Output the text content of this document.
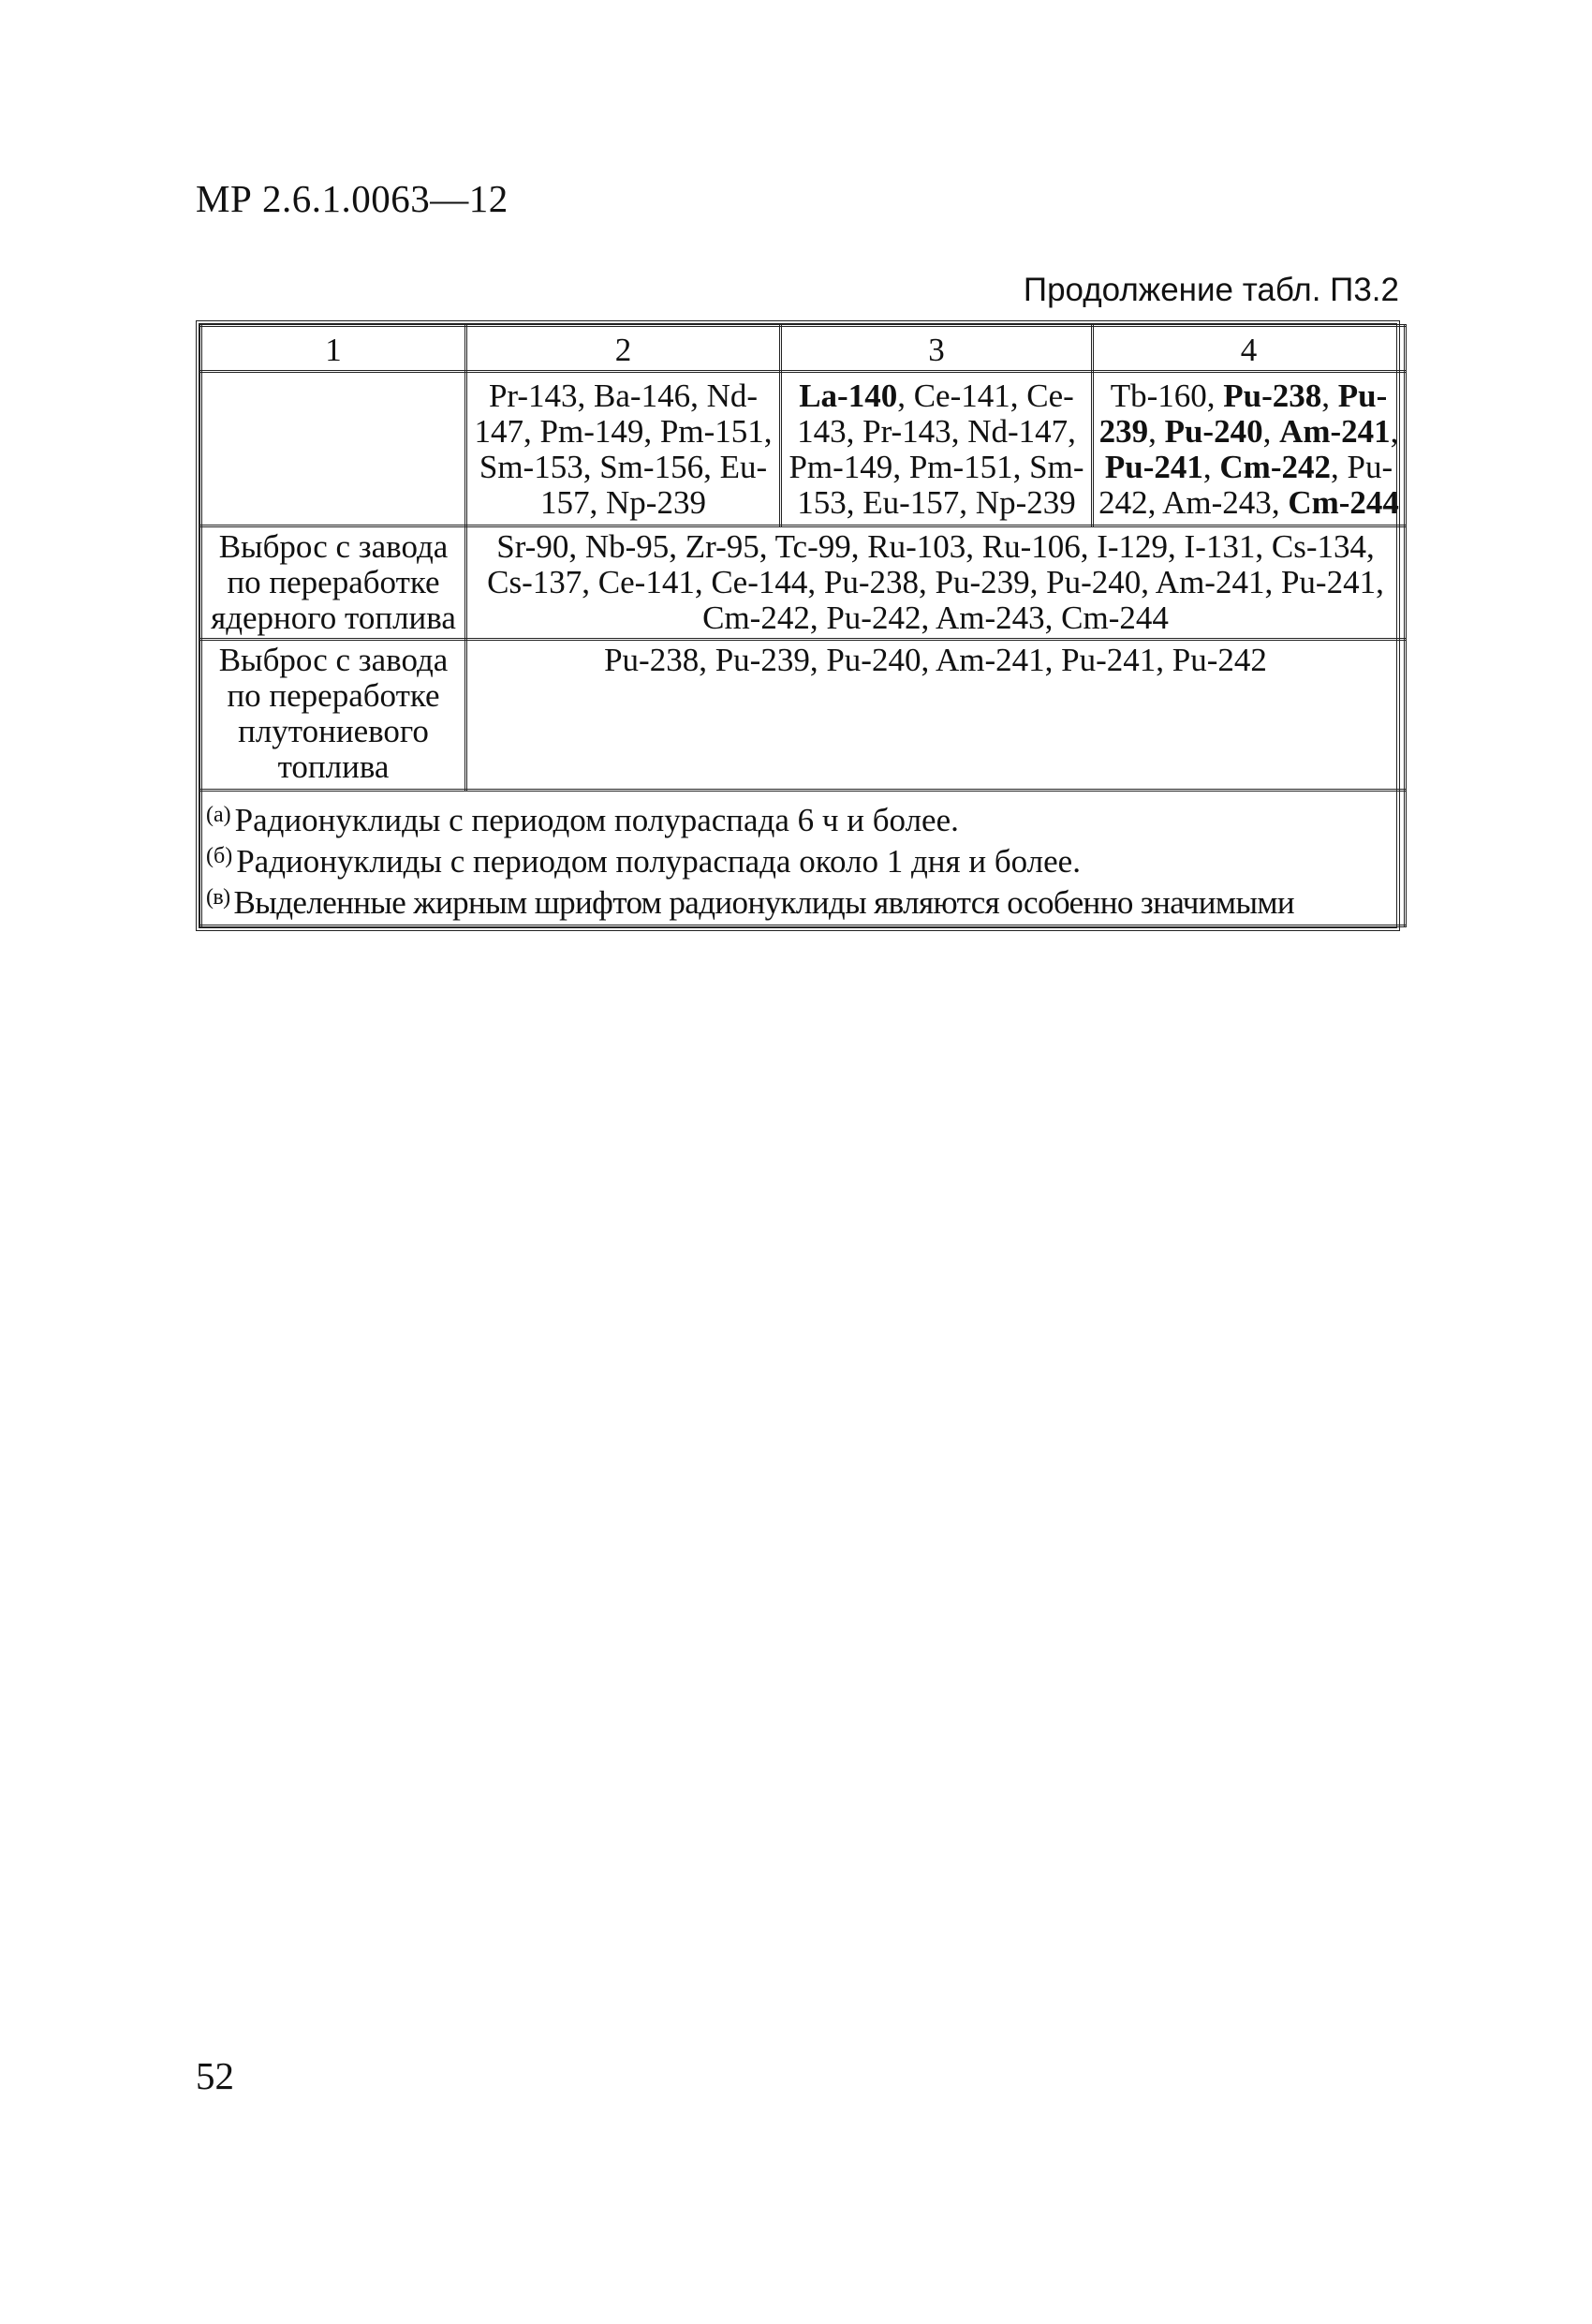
МР 2.6.1.0063—12
Продолжение табл. П3.2
1	2	3	4
	Pr-143, Ba-146, Nd-147, Pm-149, Pm-151, Sm-153, Sm-156, Eu-157, Np-239	La-140, Ce-141, Ce-143, Pr-143, Nd-147, Pm-149, Pm-151, Sm-153, Eu-157, Np-239	Tb-160, Pu-238, Pu-239, Pu-240, Am-241, Pu-241, Cm-242, Pu-242, Am-243, Cm-244
Выброс с завода по переработке ядерного топлива	Sr-90, Nb-95, Zr-95, Tc-99, Ru-103, Ru-106, I-129, I-131, Cs-134, Cs-137, Ce-141, Ce-144, Pu-238, Pu-239, Pu-240, Am-241, Pu-241, Cm-242, Pu-242, Am-243, Cm-244		
Выброс с завода по переработке плутониевого топлива	Pu-238, Pu-239, Pu-240, Am-241, Pu-241, Pu-242		

$^{(а)}$ Радионуклиды с периодом полураспада 6 ч и более.
$^{(б)}$ Радионуклиды с периодом полураспада около 1 дня и более.
$^{(в)}$ Выделенные жирным шрифтом радионуклиды являются особенно значимыми			
52
